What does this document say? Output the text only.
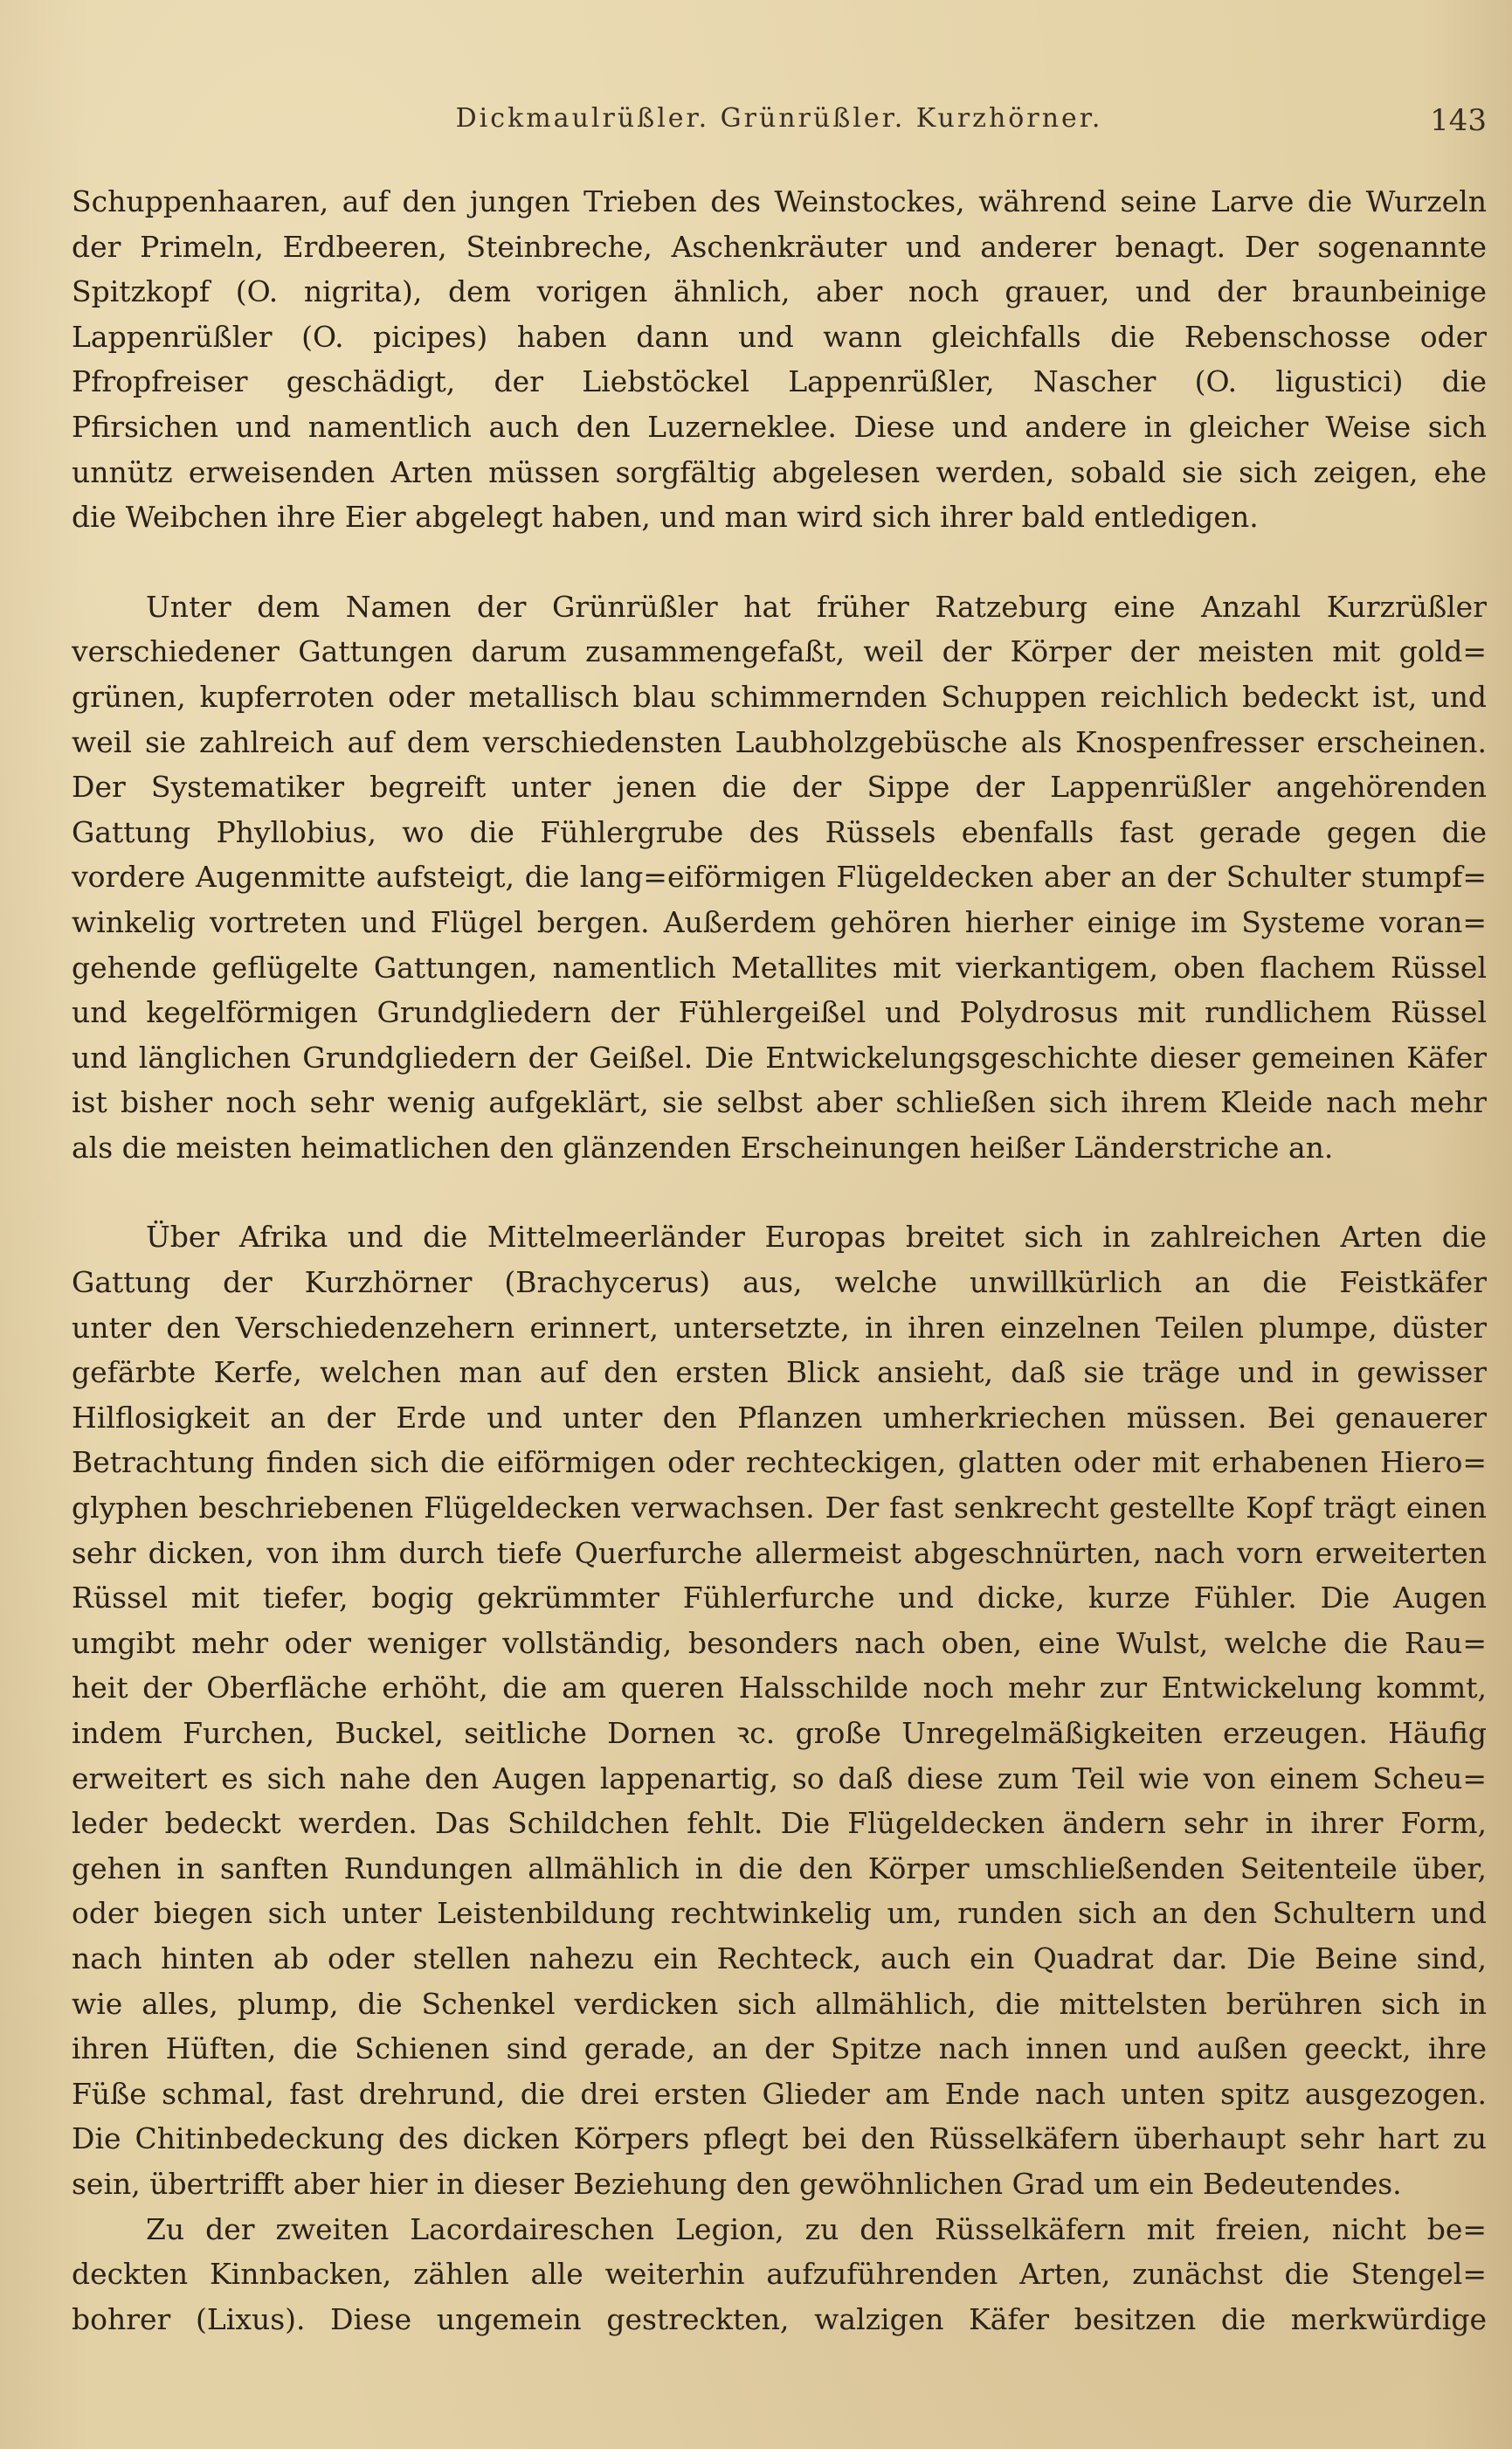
Dickmaulrüßler. Grünrüßler. Kurzhörner.	143
Schuppenhaaren, auf den jungen Trieben des Weinstockes, während seine Larve die Wurzeln
der Primeln, Erdbeeren, Steinbreche, Aschenkräuter und anderer benagt. Der sogenannte
Spitzkopf (O. nigrita), dem vorigen ähnlich, aber noch grauer, und der braunbeinige
Lappenrüßler (O. picipes) haben dann und wann gleichfalls die Rebenschosse oder
Pfropfreiser geschädigt, der Liebstöckel Lappenrüßler, Nascher (O. ligustici) die
Pfirsichen und namentlich auch den Luzerneklee. Diese und andere in gleicher Weise sich
unnütz erweisenden Arten müssen sorgfältig abgelesen werden, sobald sie sich zeigen, ehe
die Weibchen ihre Eier abgelegt haben, und man wird sich ihrer bald entledigen.
Unter dem Namen der Grünrüßler hat früher Ratzeburg eine Anzahl Kurzrüßler
verschiedener Gattungen darum zusammengefaßt, weil der Körper der meisten mit gold=
grünen, kupferroten oder metallisch blau schimmernden Schuppen reichlich bedeckt ist, und
weil sie zahlreich auf dem verschiedensten Laubholzgebüsche als Knospenfresser erscheinen.
Der Systematiker begreift unter jenen die der Sippe der Lappenrüßler angehörenden
Gattung Phyllobius, wo die Fühlergrube des Rüssels ebenfalls fast gerade gegen die
vordere Augenmitte aufsteigt, die lang=eiförmigen Flügeldecken aber an der Schulter stumpf=
winkelig vortreten und Flügel bergen. Außerdem gehören hierher einige im Systeme voran=
gehende geflügelte Gattungen, namentlich Metallites mit vierkantigem, oben flachem Rüssel
und kegelförmigen Grundgliedern der Fühlergeißel und Polydrosus mit rundlichem Rüssel
und länglichen Grundgliedern der Geißel. Die Entwickelungsgeschichte dieser gemeinen Käfer
ist bisher noch sehr wenig aufgeklärt, sie selbst aber schließen sich ihrem Kleide nach mehr
als die meisten heimatlichen den glänzenden Erscheinungen heißer Länderstriche an.
Über Afrika und die Mittelmeerländer Europas breitet sich in zahlreichen Arten die
Gattung der Kurzhörner (Brachycerus) aus, welche unwillkürlich an die Feistkäfer
unter den Verschiedenzehern erinnert, untersetzte, in ihren einzelnen Teilen plumpe, düster
gefärbte Kerfe, welchen man auf den ersten Blick ansieht, daß sie träge und in gewisser
Hilflosigkeit an der Erde und unter den Pflanzen umherkriechen müssen. Bei genauerer
Betrachtung finden sich die eiförmigen oder rechteckigen, glatten oder mit erhabenen Hiero=
glyphen beschriebenen Flügeldecken verwachsen. Der fast senkrecht gestellte Kopf trägt einen
sehr dicken, von ihm durch tiefe Querfurche allermeist abgeschnürten, nach vorn erweiterten
Rüssel mit tiefer, bogig gekrümmter Fühlerfurche und dicke, kurze Fühler. Die Augen
umgibt mehr oder weniger vollständig, besonders nach oben, eine Wulst, welche die Rau=
heit der Oberfläche erhöht, die am queren Halsschilde noch mehr zur Entwickelung kommt,
indem Furchen, Buckel, seitliche Dornen ꝛc. große Unregelmäßigkeiten erzeugen. Häufig
erweitert es sich nahe den Augen lappenartig, so daß diese zum Teil wie von einem Scheu=
leder bedeckt werden. Das Schildchen fehlt. Die Flügeldecken ändern sehr in ihrer Form,
gehen in sanften Rundungen allmählich in die den Körper umschließenden Seitenteile über,
oder biegen sich unter Leistenbildung rechtwinkelig um, runden sich an den Schultern und
nach hinten ab oder stellen nahezu ein Rechteck, auch ein Quadrat dar. Die Beine sind,
wie alles, plump, die Schenkel verdicken sich allmählich, die mittelsten berühren sich in
ihren Hüften, die Schienen sind gerade, an der Spitze nach innen und außen geeckt, ihre
Füße schmal, fast drehrund, die drei ersten Glieder am Ende nach unten spitz ausgezogen.
Die Chitinbedeckung des dicken Körpers pflegt bei den Rüsselkäfern überhaupt sehr hart zu
sein, übertrifft aber hier in dieser Beziehung den gewöhnlichen Grad um ein Bedeutendes.
Zu der zweiten Lacordaireschen Legion, zu den Rüsselkäfern mit freien, nicht be=
deckten Kinnbacken, zählen alle weiterhin aufzuführenden Arten, zunächst die Stengel=
bohrer (Lixus). Diese ungemein gestreckten, walzigen Käfer besitzen die merkwürdige
